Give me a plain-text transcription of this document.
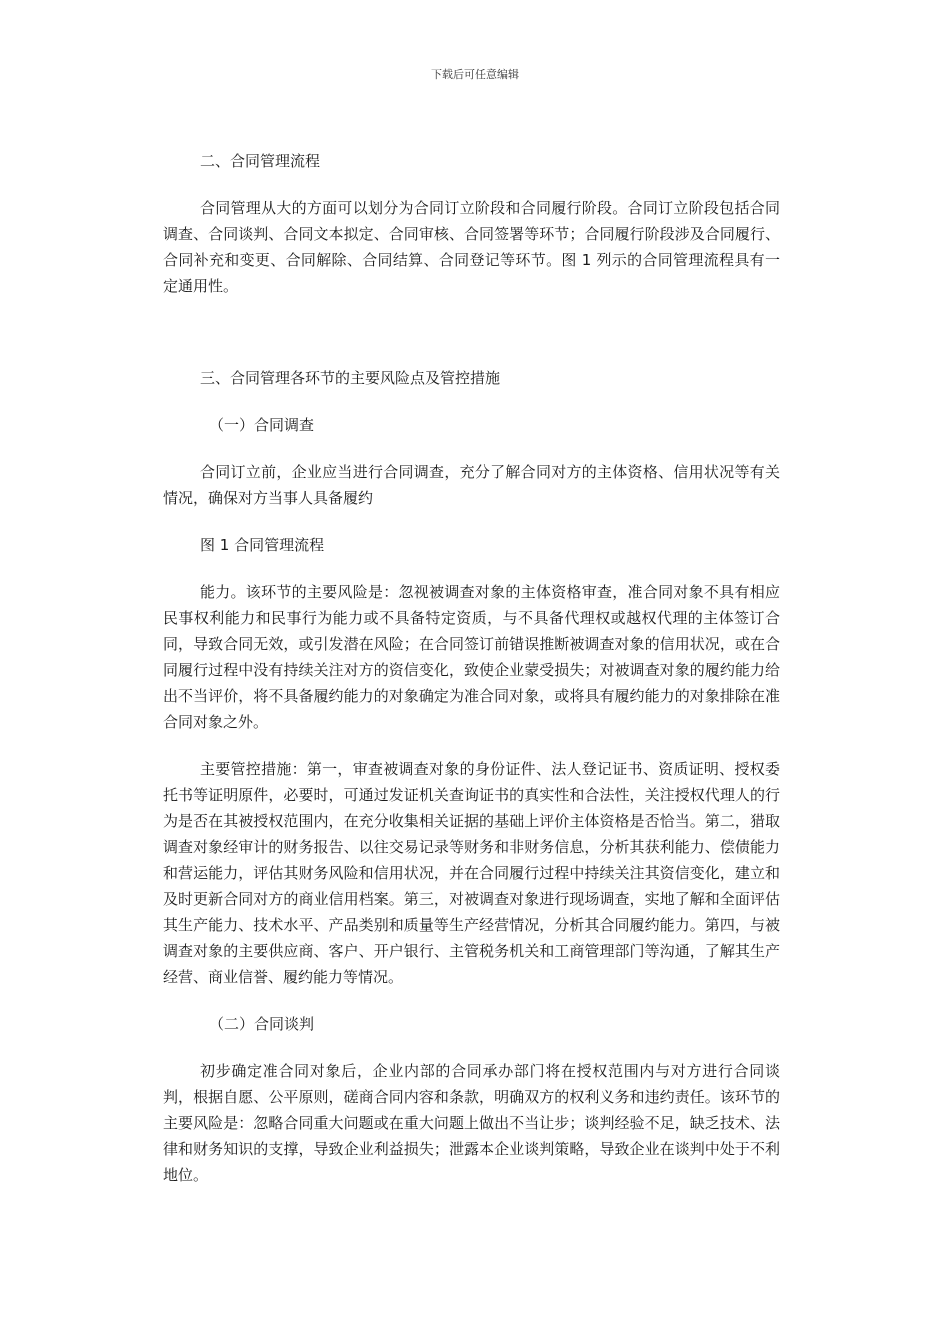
下载后可任意编辑

二、合同管理流程

合同管理从大的方面可以划分为合同订立阶段和合同履行阶段。合同订立阶段包括合同调查、合同谈判、合同文本拟定、合同审核、合同签署等环节；合同履行阶段涉及合同履行、合同补充和变更、合同解除、合同结算、合同登记等环节。图 1 列示的合同管理流程具有一定通用性。

三、合同管理各环节的主要风险点及管控措施

（一）合同调查

合同订立前，企业应当进行合同调查，充分了解合同对方的主体资格、信用状况等有关情况，确保对方当事人具备履约

图 1 合同管理流程

能力。该环节的主要风险是：忽视被调查对象的主体资格审查，准合同对象不具有相应民事权利能力和民事行为能力或不具备特定资质，与不具备代理权或越权代理的主体签订合同，导致合同无效，或引发潜在风险；在合同签订前错误推断被调查对象的信用状况，或在合同履行过程中没有持续关注对方的资信变化，致使企业蒙受损失；对被调查对象的履约能力给出不当评价，将不具备履约能力的对象确定为准合同对象，或将具有履约能力的对象排除在准合同对象之外。

主要管控措施：第一，审查被调查对象的身份证件、法人登记证书、资质证明、授权委托书等证明原件，必要时，可通过发证机关查询证书的真实性和合法性，关注授权代理人的行为是否在其被授权范围内，在充分收集相关证据的基础上评价主体资格是否恰当。第二，猎取调查对象经审计的财务报告、以往交易记录等财务和非财务信息，分析其获利能力、偿债能力和营运能力，评估其财务风险和信用状况，并在合同履行过程中持续关注其资信变化，建立和及时更新合同对方的商业信用档案。第三，对被调查对象进行现场调查，实地了解和全面评估其生产能力、技术水平、产品类别和质量等生产经营情况，分析其合同履约能力。第四，与被调查对象的主要供应商、客户、开户银行、主管税务机关和工商管理部门等沟通，了解其生产经营、商业信誉、履约能力等情况。

（二）合同谈判

初步确定准合同对象后，企业内部的合同承办部门将在授权范围内与对方进行合同谈判，根据自愿、公平原则，磋商合同内容和条款，明确双方的权利义务和违约责任。该环节的主要风险是：忽略合同重大问题或在重大问题上做出不当让步；谈判经验不足，缺乏技术、法律和财务知识的支撑，导致企业利益损失；泄露本企业谈判策略，导致企业在谈判中处于不利地位。
